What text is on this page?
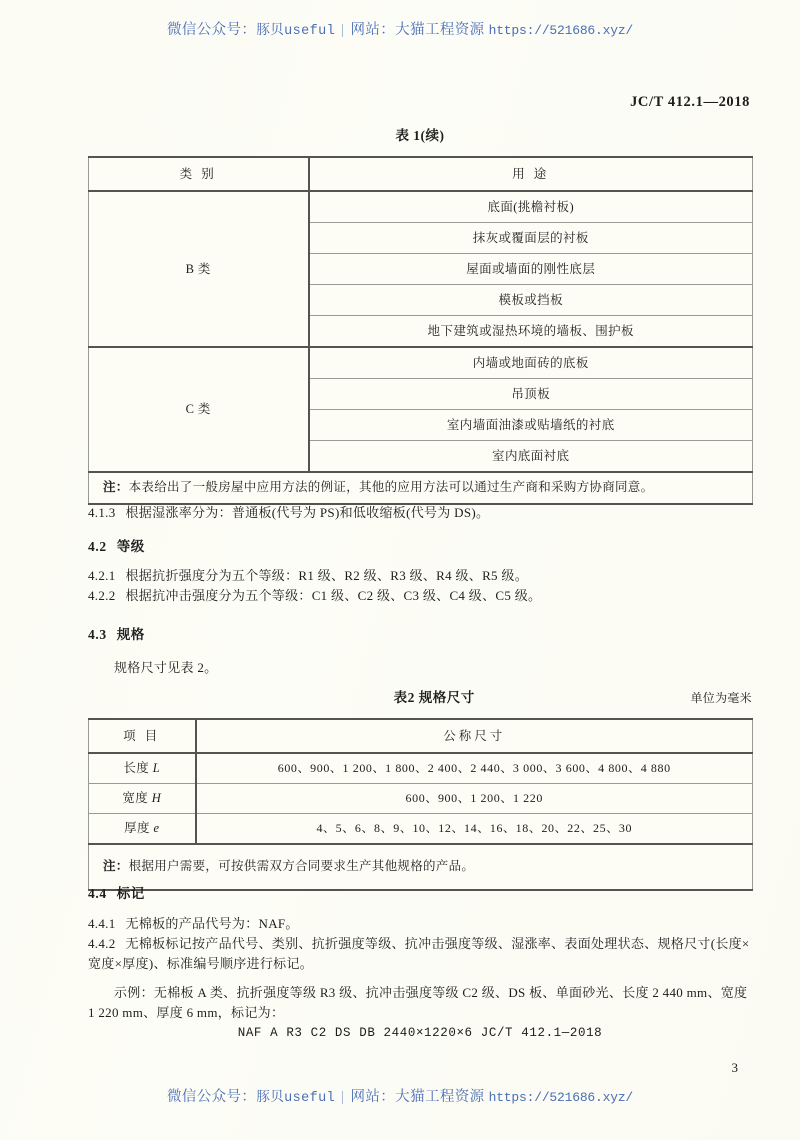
微信公众号：豚贝useful | 网站：大猫工程资源 https://521686.xyz/
JC/T 412.1—2018
表 1(续)
类 别	用 途
B 类	底面(挑檐衬板)
	抹灰或覆面层的衬板
	屋面或墙面的刚性底层
	模板或挡板
	地下建筑或湿热环境的墙板、围护板
C 类	内墙或地面砖的底板
	吊顶板
	室内墙面油漆或贴墙纸的衬底
	室内底面衬底
注：本表给出了一般房屋中应用方法的例证，其他的应用方法可以通过生产商和采购方协商同意。	
4.1.3 根据湿涨率分为：普通板(代号为 PS)和低收缩板(代号为 DS)。
4.2 等级
4.2.1 根据抗折强度分为五个等级：R1 级、R2 级、R3 级、R4 级、R5 级。
4.2.2 根据抗冲击强度分为五个等级：C1 级、C2 级、C3 级、C4 级、C5 级。
4.3 规格
规格尺寸见表 2。
表2 规格尺寸	单位为毫米
项 目	公称尺寸
长度 L	600、900、1 200、1 800、2 400、2 440、3 000、3 600、4 800、4 880
宽度 H	600、900、1 200、1 220
厚度 e	4、5、6、8、9、10、12、14、16、18、20、22、25、30
注：根据用户需要，可按供需双方合同要求生产其他规格的产品。	
4.4 标记
4.4.1 无棉板的产品代号为：NAF。
4.4.2 无棉板标记按产品代号、类别、抗折强度等级、抗冲击强度等级、湿涨率、表面处理状态、规格尺寸(长度×宽度×厚度)、标准编号顺序进行标记。
示例：无棉板 A 类、抗折强度等级 R3 级、抗冲击强度等级 C2 级、DS 板、单面砂光、长度 2 440 mm、宽度 1 220 mm、厚度 6 mm，标记为：
NAF A R3 C2 DS DB 2440×1220×6 JC/T 412.1—2018
3
微信公众号：豚贝useful | 网站：大猫工程资源 https://521686.xyz/
